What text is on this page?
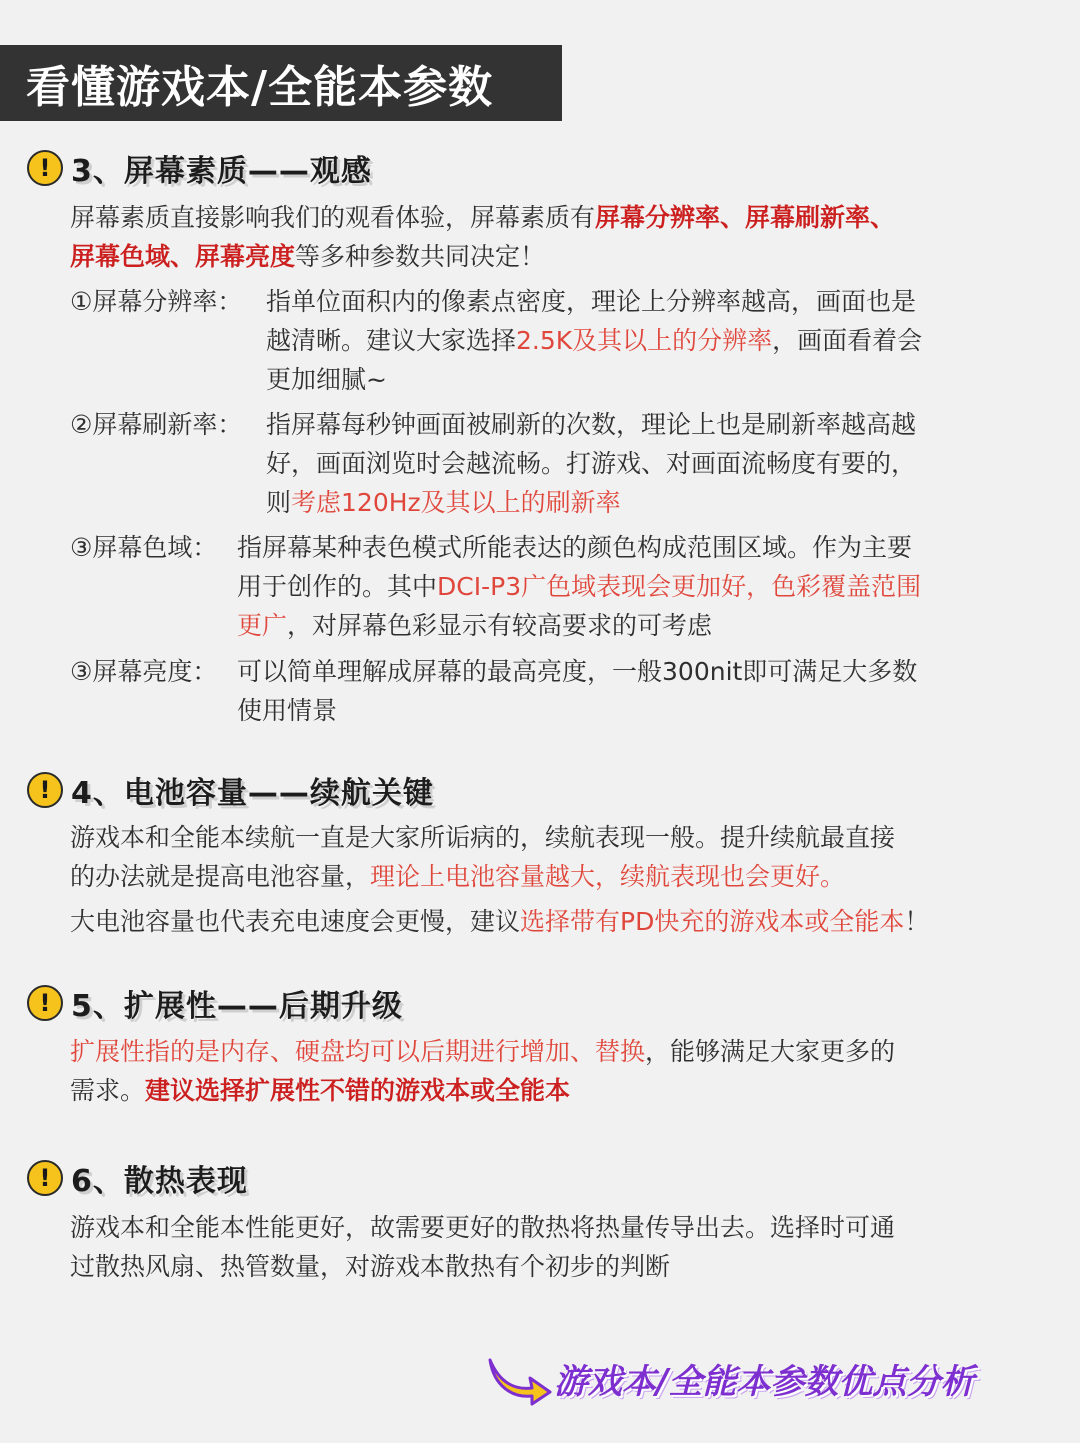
看懂游戏本/全能本参数
! 3、屏幕素质——观感
屏幕素质直接影响我们的观看体验，屏幕素质有屏幕分辨率、屏幕刷新率、
屏幕色域、屏幕亮度等多种参数共同决定！
①屏幕分辨率： 指单位面积内的像素点密度，理论上分辨率越高，画面也是
越清晰。建议大家选择2.5K及其以上的分辨率，画面看着会
更加细腻~
②屏幕刷新率： 指屏幕每秒钟画面被刷新的次数，理论上也是刷新率越高越
好，画面浏览时会越流畅。打游戏、对画面流畅度有要的，
则考虑120Hz及其以上的刷新率
③屏幕色域： 指屏幕某种表色模式所能表达的颜色构成范围区域。作为主要
用于创作的。其中DCI-P3广色域表现会更加好，色彩覆盖范围
更广，对屏幕色彩显示有较高要求的可考虑
③屏幕亮度： 可以简单理解成屏幕的最高亮度，一般300nit即可满足大多数
使用情景
! 4、电池容量——续航关键
游戏本和全能本续航一直是大家所诟病的，续航表现一般。提升续航最直接
的办法就是提高电池容量，理论上电池容量越大，续航表现也会更好。
大电池容量也代表充电速度会更慢，建议选择带有PD快充的游戏本或全能本！
! 5、扩展性——后期升级
扩展性指的是内存、硬盘均可以后期进行增加、替换，能够满足大家更多的
需求。建议选择扩展性不错的游戏本或全能本
! 6、散热表现
游戏本和全能本性能更好，故需要更好的散热将热量传导出去。选择时可通
过散热风扇、热管数量，对游戏本散热有个初步的判断
游戏本/全能本参数优点分析
